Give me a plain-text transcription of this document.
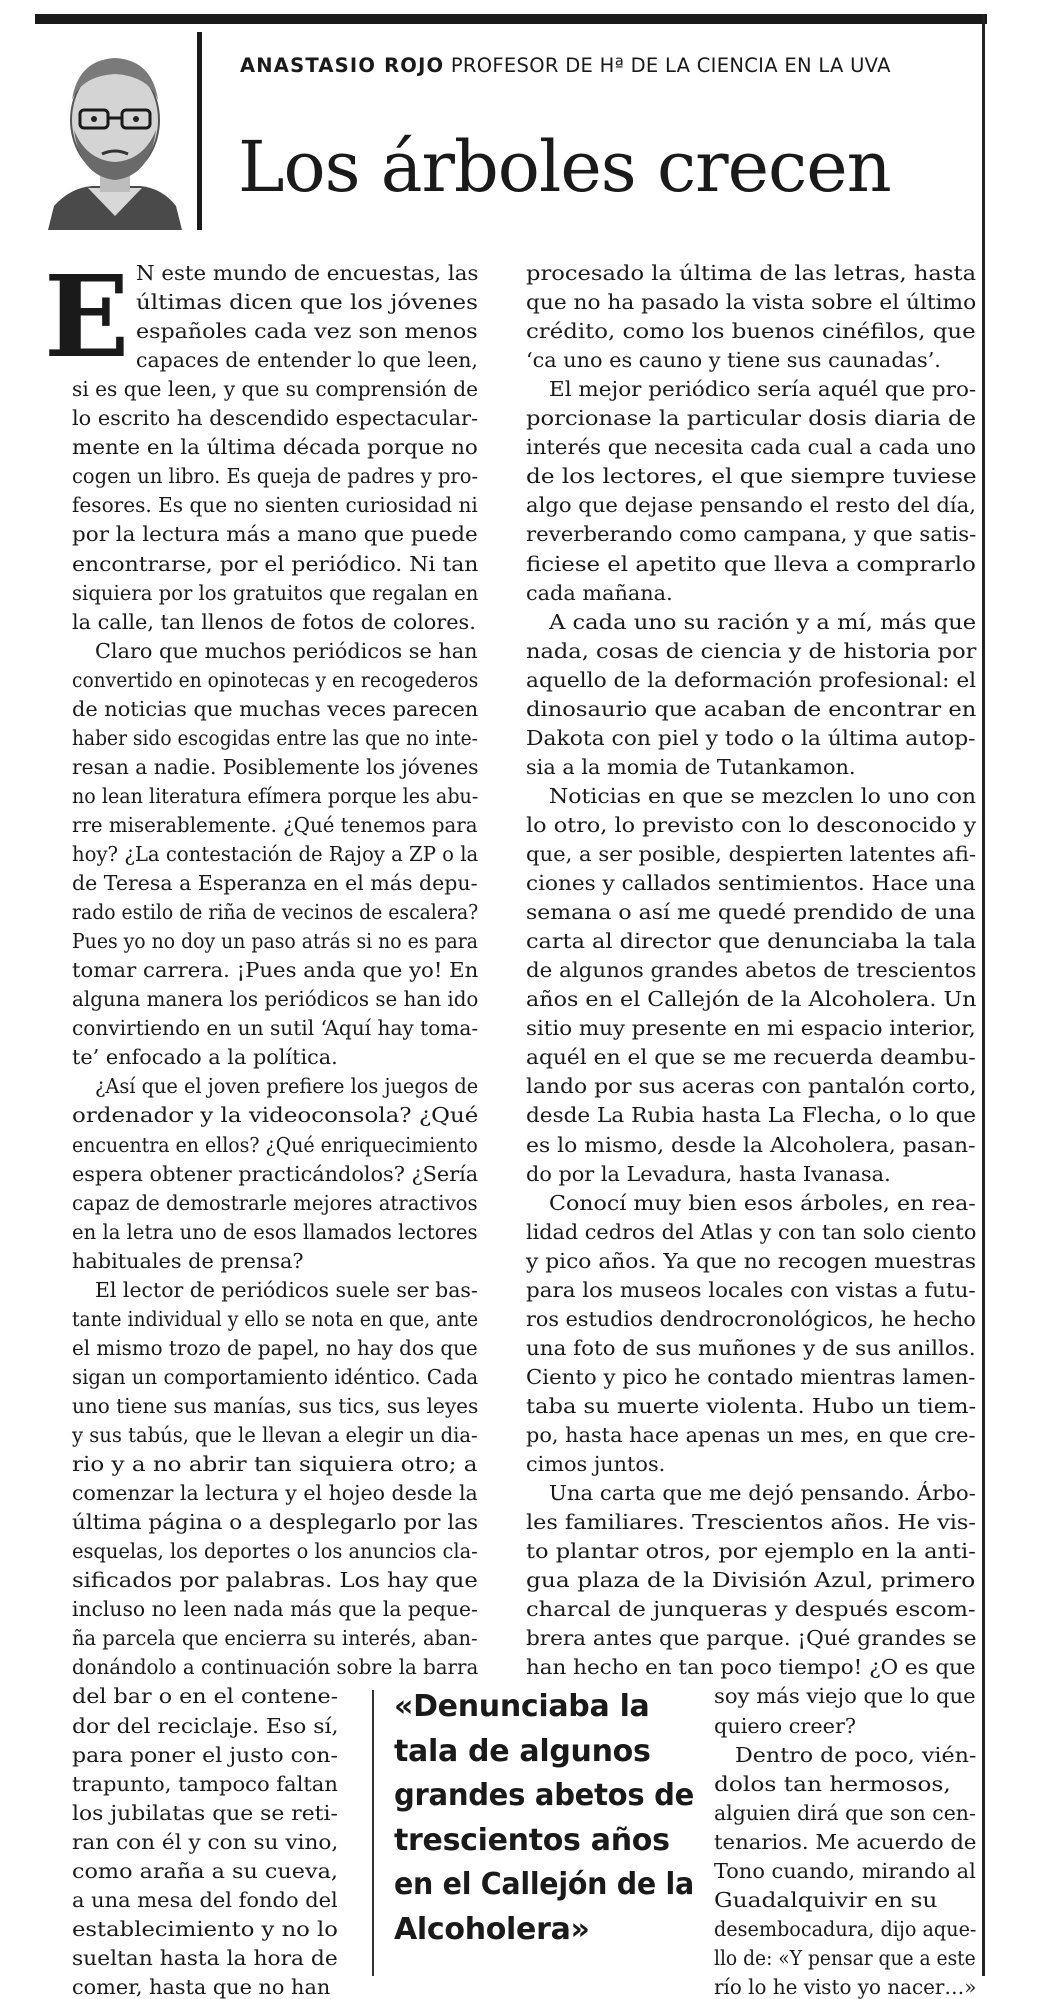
ANASTASIO ROJO PROFESOR DE Hª DE LA CIENCIA EN LA UVA
Los árboles crecen
E N este mundo de encuestas, las
últimas dicen que los jóvenes
españoles cada vez son menos
capaces de entender lo que leen,
si es que leen, y que su comprensión de
lo escrito ha descendido espectacular-
mente en la última década porque no
cogen un libro. Es queja de padres y pro-
fesores. Es que no sienten curiosidad ni
por la lectura más a mano que puede
encontrarse, por el periódico. Ni tan
siquiera por los gratuitos que regalan en
la calle, tan llenos de fotos de colores.
Claro que muchos periódicos se han
convertido en opinotecas y en recogederos
de noticias que muchas veces parecen
haber sido escogidas entre las que no inte-
resan a nadie. Posiblemente los jóvenes
no lean literatura efímera porque les abu-
rre miserablemente. ¿Qué tenemos para
hoy? ¿La contestación de Rajoy a ZP o la
de Teresa a Esperanza en el más depu-
rado estilo de riña de vecinos de escalera?
Pues yo no doy un paso atrás si no es para
tomar carrera. ¡Pues anda que yo! En
alguna manera los periódicos se han ido
convirtiendo en un sutil ‘Aquí hay toma-
te’ enfocado a la política.
¿Así que el joven prefiere los juegos de
ordenador y la videoconsola? ¿Qué
encuentra en ellos? ¿Qué enriquecimiento
espera obtener practicándolos? ¿Sería
capaz de demostrarle mejores atractivos
en la letra uno de esos llamados lectores
habituales de prensa?
El lector de periódicos suele ser bas-
tante individual y ello se nota en que, ante
el mismo trozo de papel, no hay dos que
sigan un comportamiento idéntico. Cada
uno tiene sus manías, sus tics, sus leyes
y sus tabús, que le llevan a elegir un dia-
rio y a no abrir tan siquiera otro; a
comenzar la lectura y el hojeo desde la
última página o a desplegarlo por las
esquelas, los deportes o los anuncios cla-
sificados por palabras. Los hay que
incluso no leen nada más que la peque-
ña parcela que encierra su interés, aban-
donándolo a continuación sobre la barra
del bar o en el contene-
dor del reciclaje. Eso sí,
para poner el justo con-
trapunto, tampoco faltan
los jubilatas que se reti-
ran con él y con su vino,
como araña a su cueva,
a una mesa del fondo del
establecimiento y no lo
sueltan hasta la hora de
comer, hasta que no han
procesado la última de las letras, hasta
que no ha pasado la vista sobre el último
crédito, como los buenos cinéfilos, que
‘ca uno es cauno y tiene sus caunadas’.
El mejor periódico sería aquél que pro-
porcionase la particular dosis diaria de
interés que necesita cada cual a cada uno
de los lectores, el que siempre tuviese
algo que dejase pensando el resto del día,
reverberando como campana, y que satis-
ficiese el apetito que lleva a comprarlo
cada mañana.
A cada uno su ración y a mí, más que
nada, cosas de ciencia y de historia por
aquello de la deformación profesional: el
dinosaurio que acaban de encontrar en
Dakota con piel y todo o la última autop-
sia a la momia de Tutankamon.
Noticias en que se mezclen lo uno con
lo otro, lo previsto con lo desconocido y
que, a ser posible, despierten latentes afi-
ciones y callados sentimientos. Hace una
semana o así me quedé prendido de una
carta al director que denunciaba la tala
de algunos grandes abetos de trescientos
años en el Callejón de la Alcoholera. Un
sitio muy presente en mi espacio interior,
aquél en el que se me recuerda deambu-
lando por sus aceras con pantalón corto,
desde La Rubia hasta La Flecha, o lo que
es lo mismo, desde la Alcoholera, pasan-
do por la Levadura, hasta Ivanasa.
Conocí muy bien esos árboles, en rea-
lidad cedros del Atlas y con tan solo ciento
y pico años. Ya que no recogen muestras
para los museos locales con vistas a futu-
ros estudios dendrocronológicos, he hecho
una foto de sus muñones y de sus anillos.
Ciento y pico he contado mientras lamen-
taba su muerte violenta. Hubo un tiem-
po, hasta hace apenas un mes, en que cre-
cimos juntos.
Una carta que me dejó pensando. Árbo-
les familiares. Trescientos años. He vis-
to plantar otros, por ejemplo en la anti-
gua plaza de la División Azul, primero
charcal de junqueras y después escom-
brera antes que parque. ¡Qué grandes se
han hecho en tan poco tiempo! ¿O es que
soy más viejo que lo que
quiero creer?
Dentro de poco, vién-
dolos tan hermosos,
alguien dirá que son cen-
tenarios. Me acuerdo de
Tono cuando, mirando al
Guadalquivir en su
desembocadura, dijo aque-
llo de: «Y pensar que a este
río lo he visto yo nacer…»
«Denunciaba la
tala de algunos
grandes abetos de
trescientos años
en el Callejón de la
Alcoholera»
